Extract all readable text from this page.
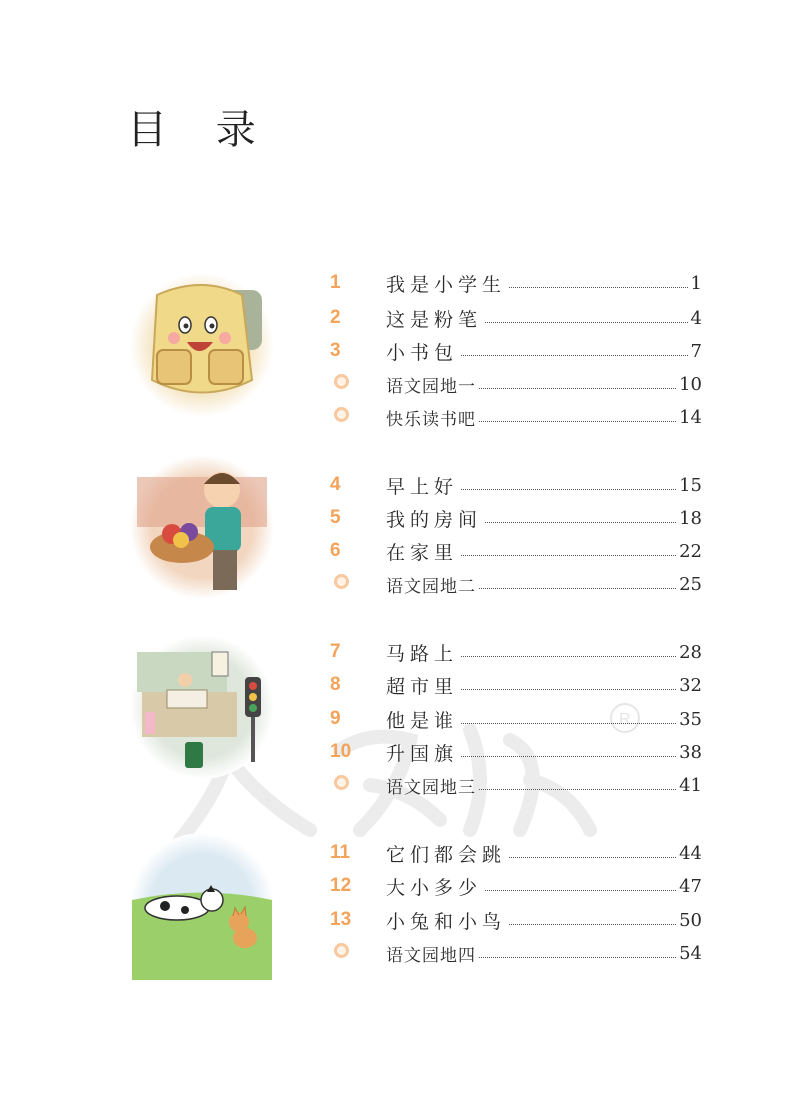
目 录
R
1	我是小学生	1
2	这是粉笔	4
3	小书包	7
语文园地一	10
快乐读书吧	14
4	早上好	15
5	我的房间	18
6	在家里	22
语文园地二	25
7	马路上	28
8	超市里	32
9	他是谁	35
10	升国旗	38
语文园地三	41
11	它们都会跳	44
12	大小多少	47
13	小兔和小鸟	50
语文园地四	54
